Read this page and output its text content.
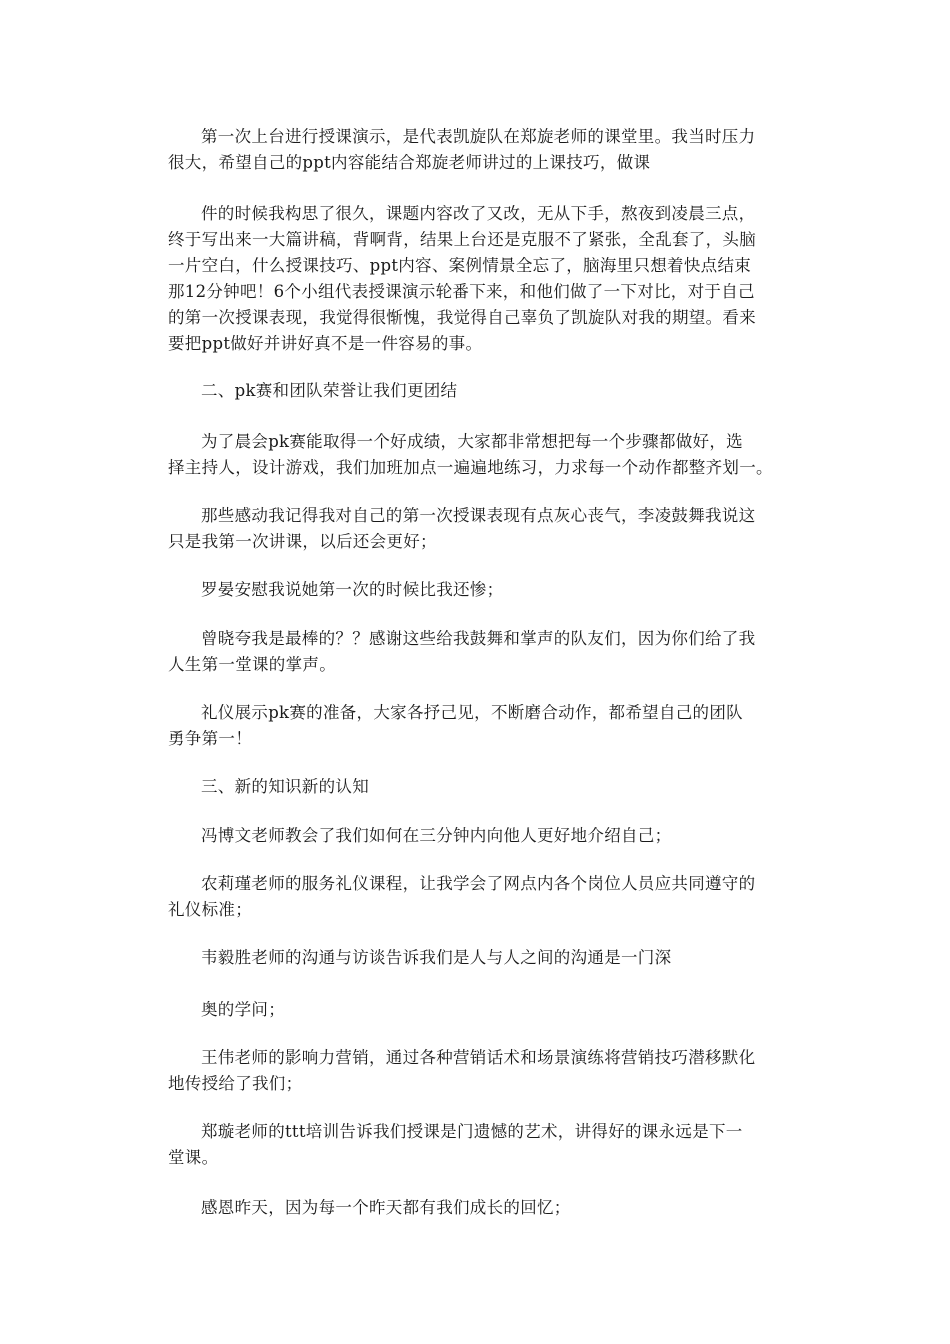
第一次上台进行授课演示，是代表凯旋队在郑旋老师的课堂里。我当时压力
很大，希望自己的ppt内容能结合郑旋老师讲过的上课技巧，做课
件的时候我构思了很久，课题内容改了又改，无从下手，熬夜到凌晨三点，
终于写出来一大篇讲稿，背啊背，结果上台还是克服不了紧张，全乱套了，头脑
一片空白，什么授课技巧、ppt内容、案例情景全忘了，脑海里只想着快点结束
那12分钟吧！6个小组代表授课演示轮番下来，和他们做了一下对比，对于自己
的第一次授课表现，我觉得很惭愧，我觉得自己辜负了凯旋队对我的期望。看来
要把ppt做好并讲好真不是一件容易的事。
二、pk赛和团队荣誉让我们更团结
为了晨会pk赛能取得一个好成绩，大家都非常想把每一个步骤都做好，选
择主持人，设计游戏，我们加班加点一遍遍地练习，力求每一个动作都整齐划一。
那些感动我记得我对自己的第一次授课表现有点灰心丧气，李凌鼓舞我说这
只是我第一次讲课，以后还会更好；
罗晏安慰我说她第一次的时候比我还惨；
曾晓夸我是最棒的？？感谢这些给我鼓舞和掌声的队友们，因为你们给了我
人生第一堂课的掌声。
礼仪展示pk赛的准备，大家各抒己见，不断磨合动作，都希望自己的团队
勇争第一！
三、新的知识新的认知
冯博文老师教会了我们如何在三分钟内向他人更好地介绍自己；
农莉瑾老师的服务礼仪课程，让我学会了网点内各个岗位人员应共同遵守的
礼仪标准；
韦毅胜老师的沟通与访谈告诉我们是人与人之间的沟通是一门深
奥的学问；
王伟老师的影响力营销，通过各种营销话术和场景演练将营销技巧潜移默化
地传授给了我们；
郑璇老师的ttt培训告诉我们授课是门遗憾的艺术，讲得好的课永远是下一
堂课。
感恩昨天，因为每一个昨天都有我们成长的回忆；
